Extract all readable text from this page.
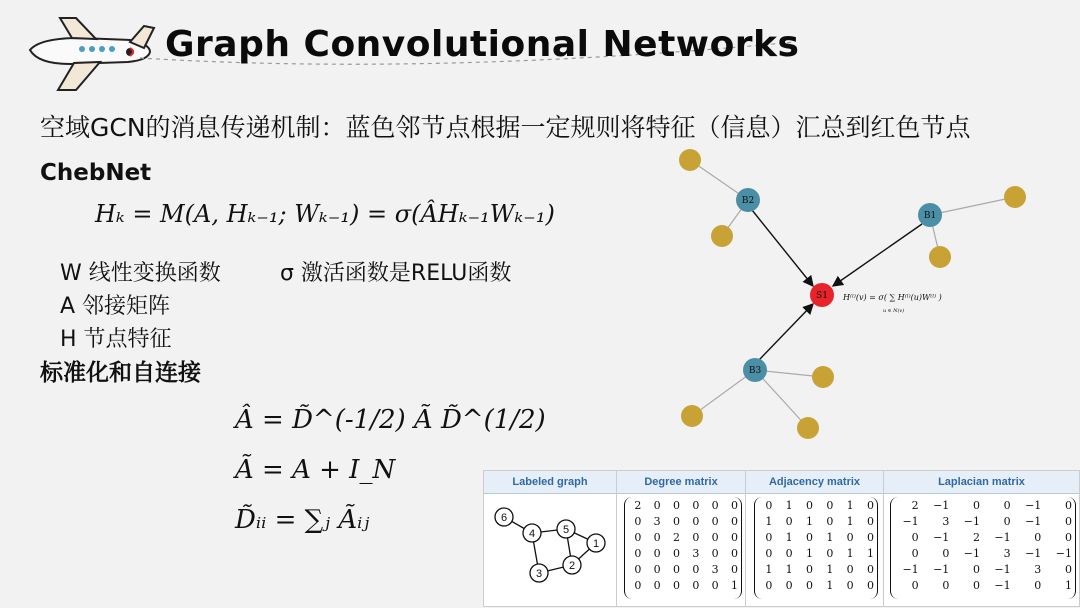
Graph Convolutional Networks
空域GCN的消息传递机制：蓝色邻节点根据一定规则将特征（信息）汇总到红色节点
ChebNet
Hₖ = M(A, Hₖ₋₁; Wₖ₋₁) = σ(ÂHₖ₋₁Wₖ₋₁)
W 线性变换函数	σ 激活函数是RELU函数
A 邻接矩阵
H 节点特征
标准化和自连接
Â = D̃^(-1/2) Ã D̃^(1/2)
Ã = A + I_N
D̃ᵢᵢ = ∑ⱼ Ãᵢⱼ
B2
B1
S1
B3
H⁽ˡ⁾(v) = σ( ∑ H⁽ˡ⁾(u)W⁽ˡ⁾ )
u ∈ N(v)
Labeled graph	Degree matrix	Adjacency matrix	Laplacian matrix
6
4	5
1
3
2
2	0	0	0	0	0
0	3	0	0	0	0
0	0	2	0	0	0
0	0	0	3	0	0
0	0	0	0	3	0
0	0	0	0	0	1
0	1	0	0	1	0
1	0	1	0	1	0
0	1	0	1	0	0
0	0	1	0	1	1
1	1	0	1	0	0
0	0	0	1	0	0
2	−1	0	0	−1	0
−1	3	−1	0	−1	0
0	−1	2	−1	0	0
0	0	−1	3	−1	−1
−1	−1	0	−1	3	0
0	0	0	−1	0	1
